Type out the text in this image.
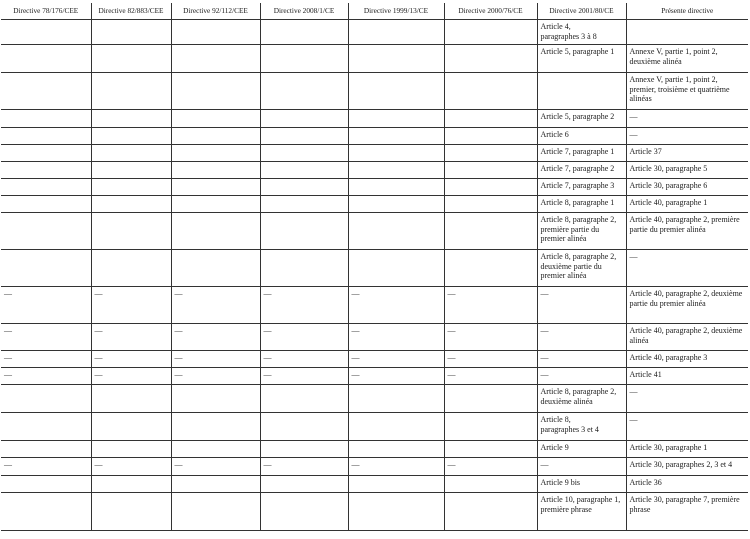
Directive 78/176/CEE	Directive 82/883/CEE	Directive 92/112/CEE	Directive 2008/1/CE	Directive 1999/13/CE	Directive 2000/76/CE	Directive 2001/80/CE	Présente directive
						Article 4,
paragraphes 3 à 8	
						Article 5, paragraphe 1	Annexe V, partie 1, point 2, deuxième alinéa
							Annexe V, partie 1, point 2, premier, troisième et quatrième alinéas
						Article 5, paragraphe 2	—
						Article 6	—
						Article 7, paragraphe 1	Article 37
						Article 7, paragraphe 2	Article 30, paragraphe 5
						Article 7, paragraphe 3	Article 30, paragraphe 6
						Article 8, paragraphe 1	Article 40, paragraphe 1
						Article 8, paragraphe 2, première partie du premier alinéa	Article 40, paragraphe 2, première partie du premier alinéa
						Article 8, paragraphe 2, deuxième partie du premier alinéa	—
—	—	—	—	—	—	—	Article 40, paragraphe 2, deuxième partie du premier alinéa
—	—	—	—	—	—	—	Article 40, paragraphe 2, deuxième alinéa
—	—	—	—	—	—	—	Article 40, paragraphe 3
—	—	—	—	—	—	—	Article 41
						Article 8, paragraphe 2, deuxième alinéa	—
						Article 8,
paragraphes 3 et 4	—
						Article 9	Article 30, paragraphe 1
—	—	—	—	—	—	—	Article 30, paragraphes 2, 3 et 4
						Article 9 bis	Article 36
						Article 10, paragraphe 1, première phrase	Article 30, paragraphe 7, première phrase
